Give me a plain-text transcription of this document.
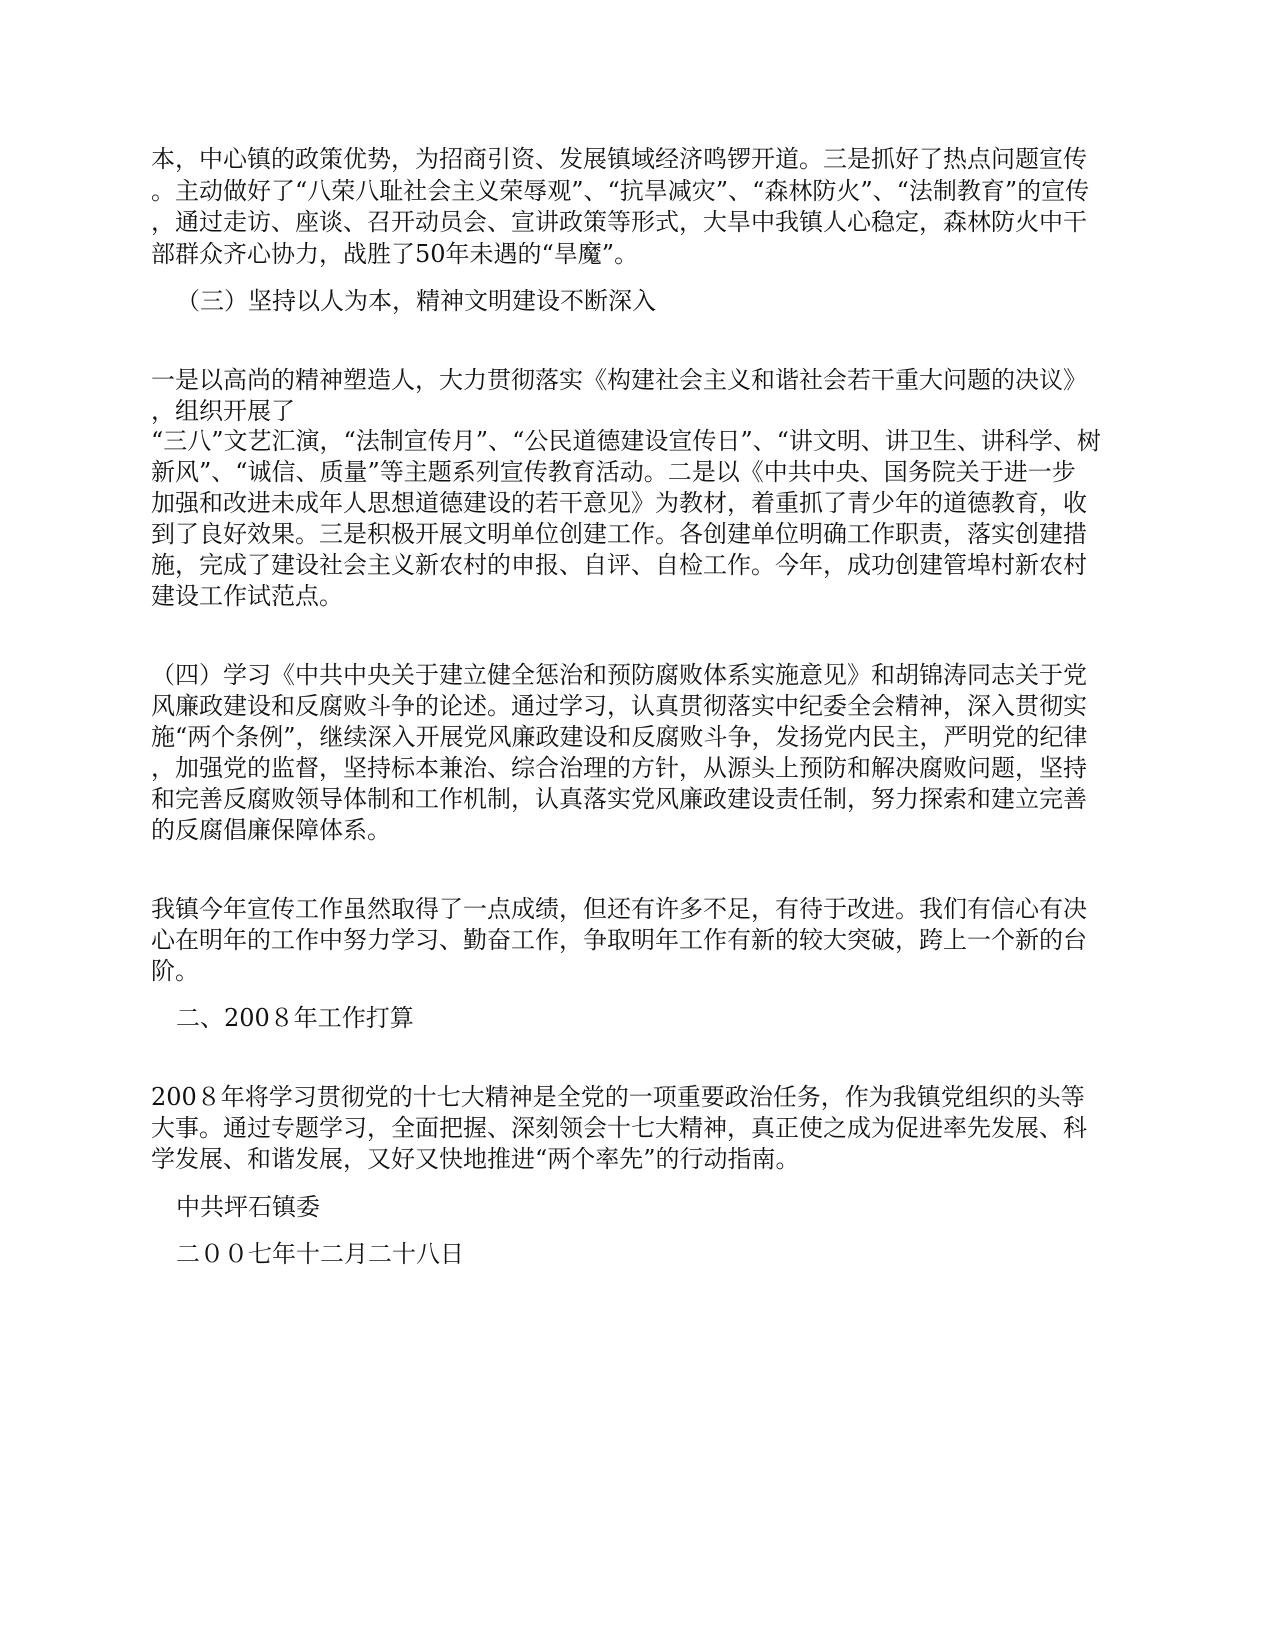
本，中心镇的政策优势，为招商引资、发展镇域经济鸣锣开道。三是抓好了热点问题宣传
。主动做好了“八荣八耻社会主义荣辱观”、“抗旱减灾”、“森林防火”、“法制教育”的宣传
，通过走访、座谈、召开动员会、宣讲政策等形式，大旱中我镇人心稳定，森林防火中干
部群众齐心协力，战胜了50年未遇的“旱魔”。
（三）坚持以人为本，精神文明建设不断深入
一是以高尚的精神塑造人，大力贯彻落实《构建社会主义和谐社会若干重大问题的决议》
，组织开展了
“三八”文艺汇演，“法制宣传月”、“公民道德建设宣传日”、“讲文明、讲卫生、讲科学、树
新风”、“诚信、质量”等主题系列宣传教育活动。二是以《中共中央、国务院关于进一步
加强和改进未成年人思想道德建设的若干意见》为教材，着重抓了青少年的道德教育，收
到了良好效果。三是积极开展文明单位创建工作。各创建单位明确工作职责，落实创建措
施，完成了建设社会主义新农村的申报、自评、自检工作。今年，成功创建管埠村新农村
建设工作试范点。
（四）学习《中共中央关于建立健全惩治和预防腐败体系实施意见》和胡锦涛同志关于党
风廉政建设和反腐败斗争的论述。通过学习，认真贯彻落实中纪委全会精神，深入贯彻实
施“两个条例”，继续深入开展党风廉政建设和反腐败斗争，发扬党内民主，严明党的纪律
，加强党的监督，坚持标本兼治、综合治理的方针，从源头上预防和解决腐败问题，坚持
和完善反腐败领导体制和工作机制，认真落实党风廉政建设责任制，努力探索和建立完善
的反腐倡廉保障体系。
我镇今年宣传工作虽然取得了一点成绩，但还有许多不足，有待于改进。我们有信心有决
心在明年的工作中努力学习、勤奋工作，争取明年工作有新的较大突破，跨上一个新的台
阶。
二、200８年工作打算
200８年将学习贯彻党的十七大精神是全党的一项重要政治任务，作为我镇党组织的头等
大事。通过专题学习，全面把握、深刻领会十七大精神，真正使之成为促进率先发展、科
学发展、和谐发展，又好又快地推进“两个率先”的行动指南。
中共坪石镇委
二００七年十二月二十八日
